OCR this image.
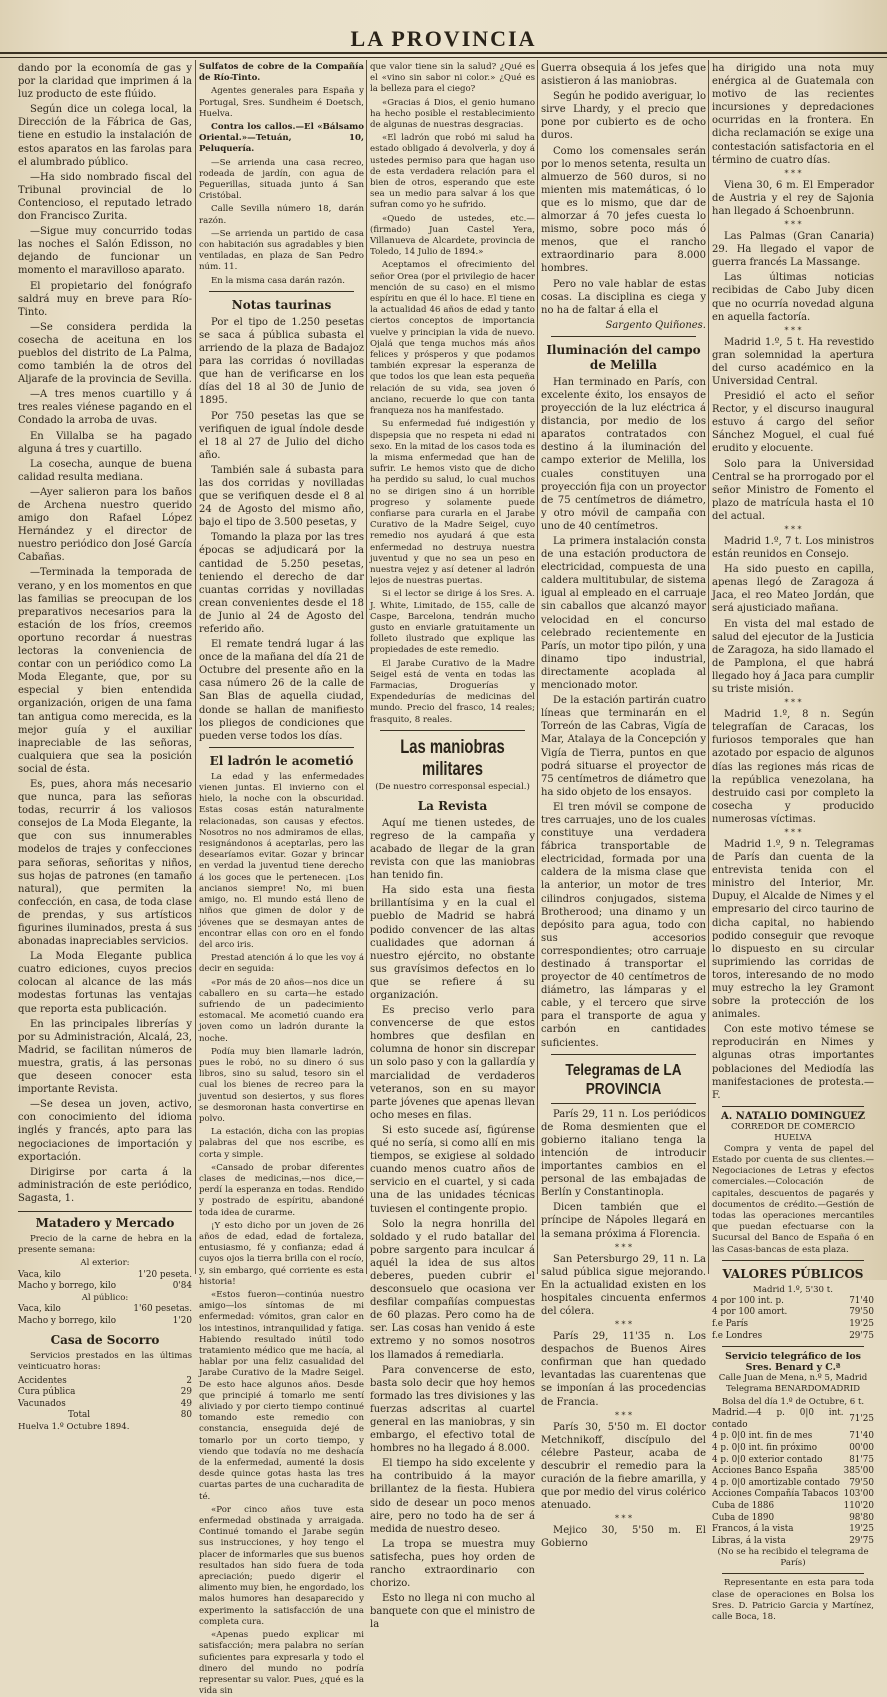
LA PROVINCIA

dando por la economía de gas y por la claridad que imprimen á la luz producto de este flúido.

Según dice un colega local, la Dirección de la Fábrica de Gas, tiene en estudio la instalación de estos aparatos en las farolas para el alumbrado público.

—Ha sido nombrado fiscal del Tribunal provincial de lo Contencioso, el reputado letrado don Francisco Zurita.

—Sigue muy concurrido todas las noches el Salón Edisson, no dejando de funcionar un momento el maravilloso aparato.

El propietario del fonógrafo saldrá muy en breve para Río-Tinto.

—Se considera perdida la cosecha de aceituna en los pueblos del distrito de La Palma, como también la de otros del Aljarafe de la provincia de Sevilla.

—A tres menos cuartillo y á tres reales viénese pagando en el Condado la arroba de uvas.

En Villalba se ha pagado alguna á tres y cuartillo.

La cosecha, aunque de buena calidad resulta mediana.

—Ayer salieron para los baños de Archena nuestro querido amigo don Rafael López Hernández y el director de nuestro periódico don José García Cabañas.

—Terminada la temporada de verano, y en los momentos en que las familias se preocupan de los preparativos necesarios para la estación de los fríos, creemos oportuno recordar á nuestras lectoras la conveniencia de contar con un periódico como La Moda Elegante, que, por su especial y bien entendida organización, origen de una fama tan antigua como merecida, es la mejor guía y el auxiliar inapreciable de las señoras, cualquiera que sea la posición social de ésta.

Es, pues, ahora más necesario que nunca, para las señoras todas, recurrir á los valiosos consejos de La Moda Elegante, la que con sus innumerables modelos de trajes y confecciones para señoras, señoritas y niños, sus hojas de patrones (en tamaño natural), que permiten la confección, en casa, de toda clase de prendas, y sus artísticos figurines iluminados, presta á sus abonadas inapreciables servicios.

La Moda Elegante publica cuatro ediciones, cuyos precios colocan al alcance de las más modestas fortunas las ventajas que reporta esta publicación.

En las principales librerías y por su Administración, Alcalá, 23, Madrid, se facilitan números de muestra, gratis, á las personas que deseen conocer esta importante Revista.

—Se desea un joven, activo, con conocimiento del idioma inglés y francés, apto para las negociaciones de importación y exportación.

Dirigirse por carta á la administración de este periódico, Sagasta, 1.

Matadero y Mercado

Precio de la carne de hebra en la presente semana:

Al exterior:
Vaca, kilo	1'20 peseta.
Macho y borrego, kilo	0'84
Al público:
Vaca, kilo	1'60 pesetas.
Macho y borrego, kilo	1'20
Casa de Socorro

Servicios prestados en las últimas veinticuatro horas:

Accidentes	2
Cura pública	29
Vacunados	49
Total	80
Huelva 1.º Octubre 1894.

Sulfatos de cobre de la Compañía de Río-Tinto.

Agentes generales para España y Portugal, Sres. Sundheim é Doetsch, Huelva.

Contra los callos.—El «Bálsamo Oriental.»—Tetuán, 10, Peluquería.

—Se arrienda una casa recreo, rodeada de jardín, con agua de Peguerillas, situada junto á San Cristóbal.

Calle Sevilla número 18, darán razón.

—Se arrienda un partido de casa con habitación sus agradables y bien ventiladas, en plaza de San Pedro núm. 11.

En la misma casa darán razón.

Notas taurinas

Por el tipo de 1.250 pesetas se saca á pública subasta el arriendo de la plaza de Badajoz para las corridas ó novilladas que han de verificarse en los días del 18 al 30 de Junio de 1895.

Por 750 pesetas las que se verifiquen de igual índole desde el 18 al 27 de Julio del dicho año.

También sale á subasta para las dos corridas y novilladas que se verifiquen desde el 8 al 24 de Agosto del mismo año, bajo el tipo de 3.500 pesetas, y

Tomando la plaza por las tres épocas se adjudicará por la cantidad de 5.250 pesetas, teniendo el derecho de dar cuantas corridas y novilladas crean convenientes desde el 18 de Junio al 24 de Agosto del referido año.

El remate tendrá lugar á las once de la mañana del día 21 de Octubre del presente año en la casa número 26 de la calle de San Blas de aquella ciudad, donde se hallan de manifiesto los pliegos de condiciones que pueden verse todos los días.

El ladrón le acometió

La edad y las enfermedades vienen juntas. El invierno con el hielo, la noche con la obscuridad. Estas cosas están naturalmente relacionadas, son causas y efectos. Nosotros no nos admiramos de ellas, resignándonos á aceptarlas, pero las desearíamos evitar. Gozar y brincar en verdad la juventud tiene derecho á los goces que le pertenecen. ¡Los ancianos siempre! No, mi buen amigo, no. El mundo está lleno de niños que gimen de dolor y de jóvenes que se desmayan antes de encontrar ellas con oro en el fondo del arco iris.

Prestad atención á lo que les voy á decir en seguida:

«Por más de 20 años—nos dice un caballero en su carta—he estado sufriendo de un padecimiento estomacal. Me acometió cuando era joven como un ladrón durante la noche.

Podía muy bien llamarle ladrón, pues le robó, no su dinero ó sus libros, sino su salud, tesoro sin el cual los bienes de recreo para la juventud son desiertos, y sus flores se desmoronan hasta convertirse en polvo.

La estación, dicha con las propias palabras del que nos escribe, es corta y simple.

«Cansado de probar diferentes clases de medicinas,—nos dice,—perdí la esperanza en todas. Rendido y postrado de espíritu, abandoné toda idea de curarme.

¡Y esto dicho por un joven de 26 años de edad, edad de fortaleza, entusiasmo, fé y confianza; edad á cuyos ojos la tierra brilla con el rocío, y, sin embargo, qué corriente es esta historia!

«Estos fueron—continúa nuestro amigo—los síntomas de mi enfermedad: vómitos, gran calor en los intestinos, intranquilidad y fatiga. Habiendo resultado inútil todo tratamiento médico que me hacía, al hablar por una feliz casualidad del Jarabe Curativo de la Madre Seigel. De esto hace algunos años. Desde que principié á tomarlo me sentí aliviado y por cierto tiempo continué tomando este remedio con constancia, enseguida dejé de tomarlo por un corto tiempo, y viendo que todavía no me deshacía de la enfermedad, aumenté la dosis desde quince gotas hasta las tres cuartas partes de una cucharadita de té.

«Por cinco años tuve esta enfermedad obstinada y arraigada. Continué tomando el Jarabe según sus instrucciones, y hoy tengo el placer de informarles que sus buenos resultados han sido fuera de toda apreciación; puedo digerir el alimento muy bien, he engordado, los malos humores han desaparecido y experimento la satisfacción de una completa cura.

«Apenas puedo explicar mi satisfacción; mera palabra no serían suficientes para expresarla y todo el dinero del mundo no podría representar su valor. Pues, ¿qué es la vida sin

que valor tiene sin la salud? ¿Qué es el «vino sin sabor ni color.» ¿Qué es la belleza para el ciego?

«Gracias á Dios, el genio humano ha hecho posible el restablecimiento de algunas de nuestras desgracias.

«El ladrón que robó mi salud ha estado obligado á devolverla, y doy á ustedes permiso para que hagan uso de esta verdadera relación para el bien de otros, esperando que este sea un medio para salvar á los que sufran como yo he sufrido.

«Quedo de ustedes, etc.—(firmado) Juan Castel Yera, Villanueva de Alcardete, provincia de Toledo, 14 Julio de 1894.»

Aceptamos el ofrecimiento del señor Orea (por el privilegio de hacer mención de su caso) en el mismo espíritu en que él lo hace. El tiene en la actualidad 46 años de edad y tanto ciertos conceptos de importancia vuelve y principian la vida de nuevo. Ojalá que tenga muchos más años felices y prósperos y que podamos también expresar la esperanza de que todos los que lean esta pequeña relación de su vida, sea joven ó anciano, recuerde lo que con tanta franqueza nos ha manifestado.

Su enfermedad fué indigestión y dispepsia que no respeta ni edad ni sexo. En la mitad de los casos toda es la misma enfermedad que han de sufrir. Le hemos visto que de dicho ha perdido su salud, lo cual muchos no se dirigen sino á un horrible progreso y solamente puede confiarse para curarla en el Jarabe Curativo de la Madre Seigel, cuyo remedio nos ayudará á que esta enfermedad no destruya nuestra juventud y que no sea un peso en nuestra vejez y así detener al ladrón lejos de nuestras puertas.

Si el lector se dirige á los Sres. A. J. White, Limitado, de 155, calle de Caspe, Barcelona, tendrán mucho gusto en enviarle gratuitamente un folleto ilustrado que explique las propiedades de este remedio.

El Jarabe Curativo de la Madre Seigel está de venta en todas las Farmacias, Droguerías y Expendedurías de medicinas del mundo. Precio del frasco, 14 reales; frasquito, 8 reales.

Las maniobras militares
(De nuestro corresponsal especial.)
La Revista

Aquí me tienen ustedes, de regreso de la campaña y acabado de llegar de la gran revista con que las maniobras han tenido fin.

Ha sido esta una fiesta brillantísima y en la cual el pueblo de Madrid se habrá podido convencer de las altas cualidades que adornan á nuestro ejército, no obstante sus gravísimos defectos en lo que se refiere á su organización.

Es preciso verlo para convencerse de que estos hombres que desfilan en columna de honor sin discrepar un solo paso y con la gallardía y marcialidad de verdaderos veteranos, son en su mayor parte jóvenes que apenas llevan ocho meses en filas.

Si esto sucede así, figúrense qué no sería, si como allí en mis tiempos, se exigiese al soldado cuando menos cuatro años de servicio en el cuartel, y si cada una de las unidades técnicas tuviesen el contingente propio.

Solo la negra honrilla del soldado y el rudo batallar del pobre sargento para inculcar á aquél la idea de sus altos deberes, pueden cubrir el desconsuelo que ocasiona ver desfilar compañías compuestas de 60 plazas. Pero como ha de ser. Las cosas han venido á este extremo y no somos nosotros los llamados á remediarla.

Para convencerse de esto, basta solo decir que hoy hemos formado las tres divisiones y las fuerzas adscritas al cuartel general en las maniobras, y sin embargo, el efectivo total de hombres no ha llegado á 8.000.

El tiempo ha sido excelente y ha contribuido á la mayor brillantez de la fiesta. Hubiera sido de desear un poco menos aire, pero no todo ha de ser á medida de nuestro deseo.

La tropa se muestra muy satisfecha, pues hoy orden de rancho extraordinario con chorizo.

Esto no llega ni con mucho al banquete con que el ministro de la

Guerra obsequia á los jefes que asistieron á las maniobras.

Según he podido averiguar, lo sirve Lhardy, y el precio que pone por cubierto es de ocho duros.

Como los comensales serán por lo menos setenta, resulta un almuerzo de 560 duros, si no mienten mis matemáticas, ó lo que es lo mismo, que dar de almorzar á 70 jefes cuesta lo mismo, sobre poco más ó menos, que el rancho extraordinario para 8.000 hombres.

Pero no vale hablar de estas cosas. La disciplina es ciega y no ha de faltar á ella el

Sargento Quiñones.
Iluminación del campo de Melilla

Han terminado en París, con excelente éxito, los ensayos de proyección de la luz eléctrica á distancia, por medio de los aparatos contratados con destino á la iluminación del campo exterior de Melilla, los cuales constituyen una proyección fija con un proyector de 75 centímetros de diámetro, y otro móvil de campaña con uno de 40 centímetros.

La primera instalación consta de una estación productora de electricidad, compuesta de una caldera multitubular, de sistema igual al empleado en el carruaje sin caballos que alcanzó mayor velocidad en el concurso celebrado recientemente en París, un motor tipo pilón, y una dinamo tipo industrial, directamente acoplada al mencionado motor.

De la estación partirán cuatro líneas que terminarán en el Torreón de las Cabras, Vigía de Mar, Atalaya de la Concepción y Vigía de Tierra, puntos en que podrá situarse el proyector de 75 centímetros de diámetro que ha sido objeto de los ensayos.

El tren móvil se compone de tres carruajes, uno de los cuales constituye una verdadera fábrica transportable de electricidad, formada por una caldera de la misma clase que la anterior, un motor de tres cilindros conjugados, sistema Brotherood; una dinamo y un depósito para agua, todo con sus accesorios correspondientes; otro carruaje destinado á transportar el proyector de 40 centímetros de diámetro, las lámparas y el cable, y el tercero que sirve para el transporte de agua y carbón en cantidades suficientes.

Telegramas de LA PROVINCIA

París 29, 11 n. Los periódicos de Roma desmienten que el gobierno italiano tenga la intención de introducir importantes cambios en el personal de las embajadas de Berlín y Constantinopla.

Dicen también que el príncipe de Nápoles llegará en la semana próxima á Florencia.

* * *

San Petersburgo 29, 11 n. La salud pública sigue mejorando. En la actualidad existen en los hospitales cincuenta enfermos del cólera.

* * *

París 29, 11'35 n. Los despachos de Buenos Aires confirman que han quedado levantadas las cuarentenas que se imponían á las procedencias de Francia.

* * *

París 30, 5'50 m. El doctor Metchnikoff, discípulo del célebre Pasteur, acaba de descubrir el remedio para la curación de la fiebre amarilla, y que por medio del virus colérico atenuado.

* * *

Mejico 30, 5'50 m. El Gobierno

ha dirigido una nota muy enérgica al de Guatemala con motivo de las recientes incursiones y depredaciones ocurridas en la frontera. En dicha reclamación se exige una contestación satisfactoria en el término de cuatro días.

* * *

Viena 30, 6 m. El Emperador de Austria y el rey de Sajonia han llegado á Schoenbrunn.

* * *

Las Palmas (Gran Canaria) 29. Ha llegado el vapor de guerra francés La Massange.

Las últimas noticias recibidas de Cabo Juby dicen que no ocurría novedad alguna en aquella factoría.

* * *

Madrid 1.º, 5 t. Ha revestido gran solemnidad la apertura del curso académico en la Universidad Central.

Presidió el acto el señor Rector, y el discurso inaugural estuvo á cargo del señor Sánchez Moguel, el cual fué erudito y elocuente.

Solo para la Universidad Central se ha prorrogado por el señor Ministro de Fomento el plazo de matrícula hasta el 10 del actual.

* * *

Madrid 1.º, 7 t. Los ministros están reunidos en Consejo.

Ha sido puesto en capilla, apenas llegó de Zaragoza á Jaca, el reo Mateo Jordán, que será ajusticiado mañana.

En vista del mal estado de salud del ejecutor de la Justicia de Zaragoza, ha sido llamado el de Pamplona, el que habrá llegado hoy á Jaca para cumplir su triste misión.

* * *

Madrid 1.º, 8 n. Según telegrafían de Caracas, los furiosos temporales que han azotado por espacio de algunos días las regiones más ricas de la república venezolana, ha destruido casi por completo la cosecha y producido numerosas víctimas.

* * *

Madrid 1.º, 9 n. Telegramas de París dan cuenta de la entrevista tenida con el ministro del Interior, Mr. Dupuy, el Alcalde de Nimes y el empresario del circo taurino de dicha capital, no habiendo podido conseguir que revoque lo dispuesto en su circular suprimiendo las corridas de toros, interesando de no modo muy estrecho la ley Gramont sobre la protección de los animales.

Con este motivo témese se reproducirán en Nimes y algunas otras importantes poblaciones del Mediodía las manifestaciones de protesta.—F.

A. NATALIO DOMINGUEZ
CORREDOR DE COMERCIO
HUELVA

Compra y venta de papel del Estado por cuenta de sus clientes.—Negociaciones de Letras y efectos comerciales.—Colocación de capitales, descuentos de pagarés y documentos de crédito.—Gestión de todas las operaciones mercantiles que puedan efectuarse con la Sucursal del Banco de España ó en las Casas-bancas de esta plaza.

VALORES PÚBLICOS
Madrid 1.º, 5'30 t.
4 por 100 int. p.	71'40
4 por 100 amort.	79'50
f.e París	19'25
f.e Londres	29'75
Servicio telegráfico de los Sres. Benard y C.ª
Calle Juan de Mena, n.º 5, Madrid
Telegrama BENARDOMADRID
Bolsa del día 1.º de Octubre, 6 t.
Madrid.—4 p. 0|0 int. contado	71'25
4 p. 0|0 int. fin de mes	71'40
4 p. 0|0 int. fin próximo	00'00
4 p. 0|0 exterior contado	81'75
Acciones Banco España	385'00
4 p. 0|0 amortizable contado	79'50
Acciones Compañía Tabacos	103'00
Cuba de 1886	110'20
Cuba de 1890	98'80
Francos, á la vista	19'25
Libras, á la vista	29'75
(No se ha recibido el telegrama de París)

Representante en esta para toda clase de operaciones en Bolsa los Sres. D. Patricio Garcia y Martínez, calle Boca, 18.
